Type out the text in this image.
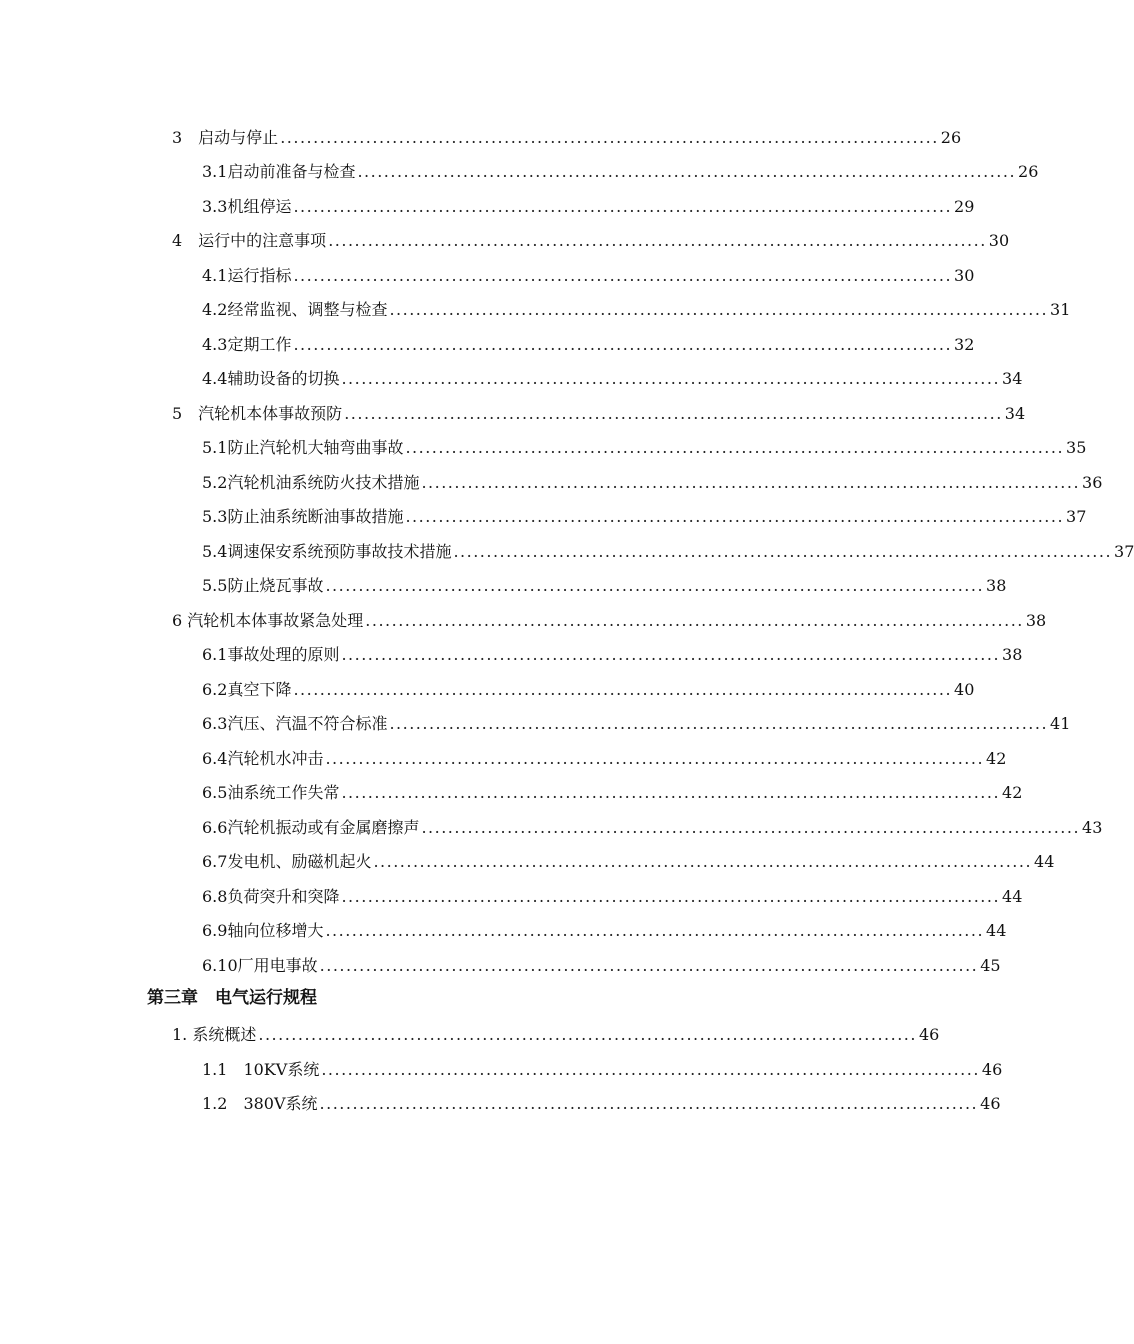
3　启动与停止 .................................................................................................... 26
3.1启动前准备与检查 .................................................................................................... 26
3.3机组停运 .................................................................................................... 29
4　运行中的注意事项 .................................................................................................... 30
4.1运行指标 .................................................................................................... 30
4.2经常监视、调整与检查 .................................................................................................... 31
4.3定期工作 .................................................................................................... 32
4.4辅助设备的切换 .................................................................................................... 34
5　汽轮机本体事故预防 .................................................................................................... 34
5.1防止汽轮机大轴弯曲事故 .................................................................................................... 35
5.2汽轮机油系统防火技术措施 .................................................................................................... 36
5.3防止油系统断油事故措施 .................................................................................................... 37
5.4调速保安系统预防事故技术措施 .................................................................................................... 37
5.5防止烧瓦事故 .................................................................................................... 38
6 汽轮机本体事故紧急处理 .................................................................................................... 38
6.1事故处理的原则 .................................................................................................... 38
6.2真空下降 .................................................................................................... 40
6.3汽压、汽温不符合标准 .................................................................................................... 41
6.4汽轮机水冲击 .................................................................................................... 42
6.5油系统工作失常 .................................................................................................... 42
6.6汽轮机振动或有金属磨擦声 .................................................................................................... 43
6.7发电机、励磁机起火 .................................................................................................... 44
6.8负荷突升和突降 .................................................................................................... 44
6.9轴向位移增大 .................................................................................................... 44
6.10厂用电事故 .................................................................................................... 45
第三章　电气运行规程
1. 系统概述 .................................................................................................... 46
1.1　10KV系统 .................................................................................................... 46
1.2　380V系统 .................................................................................................... 46
